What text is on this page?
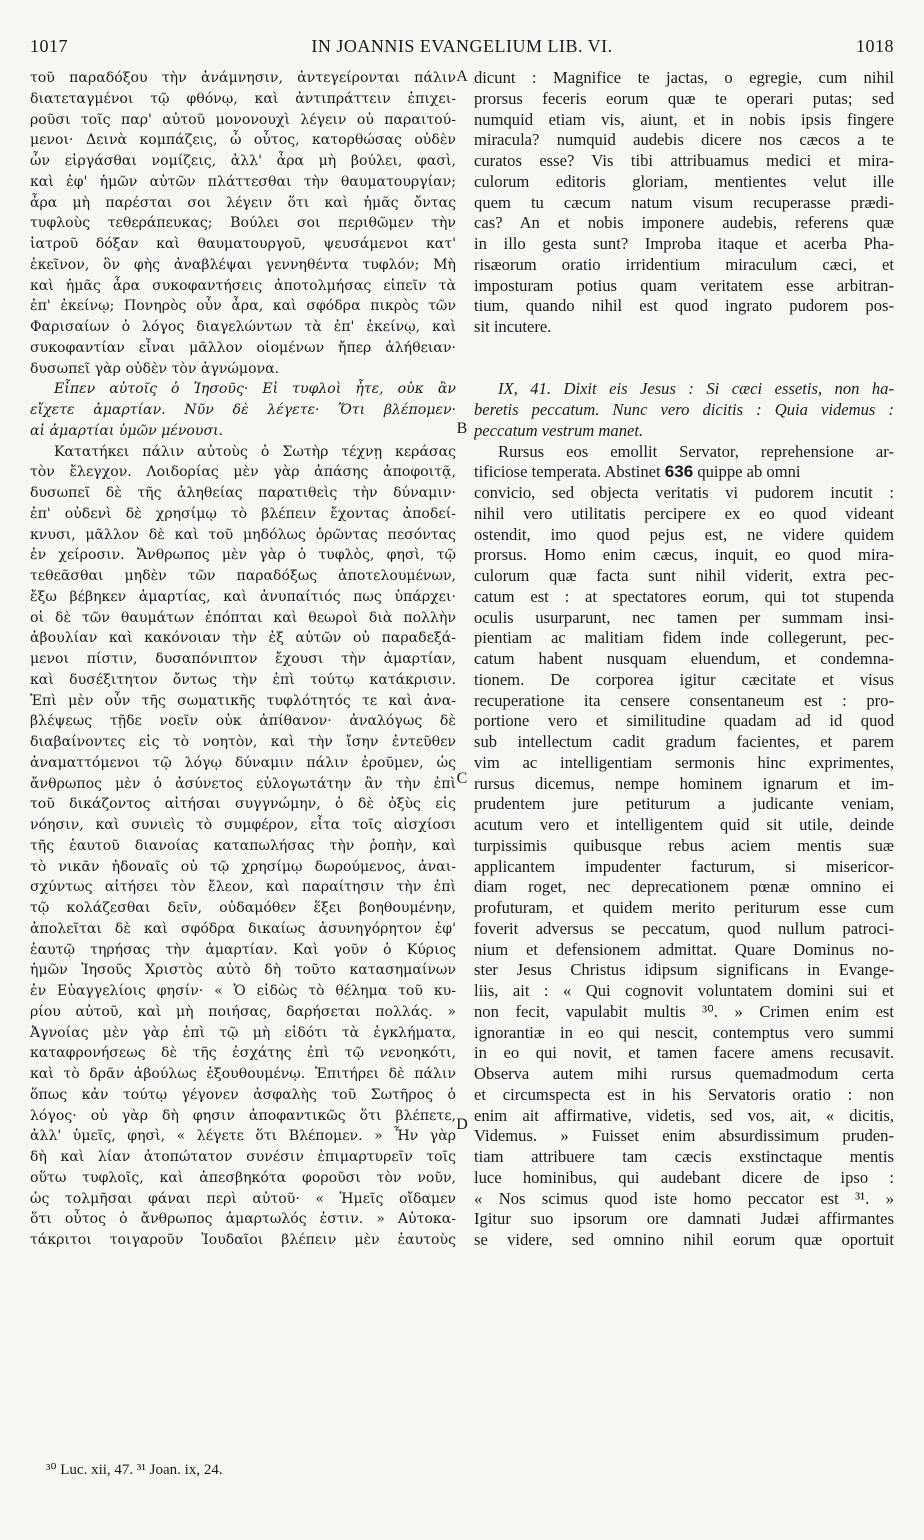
1017	IN JOANNIS EVANGELIUM LIB. VI.	1018
A
B
C
D
τοῦ παραδόξου τὴν ἀνάμνησιν, ἀντεγείρονται πάλιν
διατεταγμένοι τῷ φθόνῳ, καὶ ἀντιπράττειν ἐπιχει-
ροῦσι τοῖς παρ' αὐτοῦ μονονουχὶ λέγειν οὐ παραιτού-
μενοι· Δεινὰ κομπάζεις, ὦ οὗτος, κατορθώσας οὐδὲν
ὧν εἰργάσθαι νομίζεις, ἀλλ' ἆρα μὴ βούλει, φασὶ,
καὶ ἐφ' ἡμῶν αὐτῶν πλάττεσθαι τὴν θαυματουργίαν;
ἆρα μὴ παρέσται σοι λέγειν ὅτι καὶ ἡμᾶς ὄντας
τυφλοὺς τεθεράπευκας; Βούλει σοι περιθῶμεν τὴν
ἰατροῦ δόξαν καὶ θαυματουργοῦ, ψευσάμενοι κατ'
ἐκεῖνον, ὃν φὴς ἀναβλέψαι γεννηθέντα τυφλόν; Μὴ
καὶ ἡμᾶς ἆρα συκοφαντήσεις ἀποτολμήσας εἰπεῖν τὰ
ἐπ' ἐκείνῳ; Πονηρὸς οὖν ἆρα, καὶ σφόδρα πικρὸς τῶν
Φαρισαίων ὁ λόγος διαγελώντων τὰ ἐπ' ἐκείνῳ, καὶ
συκοφαντίαν εἶναι μᾶλλον οἰομένων ἤπερ ἀλήθειαν·
δυσωπεῖ γὰρ οὐδὲν τὸν ἀγνώμονα.
Εἶπεν αὐτοῖς ὁ Ἰησοῦς· Εἰ τυφλοὶ ἦτε, οὐκ ἂν
εἴχετε ἁμαρτίαν. Νῦν δὲ λέγετε· Ὅτι βλέπομεν·
αἱ ἁμαρτίαι ὑμῶν μένουσι.
Κατατήκει πάλιν αὐτοὺς ὁ Σωτὴρ τέχνῃ κεράσας
τὸν ἔλεγχον. Λοιδορίας μὲν γὰρ ἁπάσης ἀποφοιτᾷ,
δυσωπεῖ δὲ τῆς ἀληθείας παρατιθεὶς τὴν δύναμιν·
ἐπ' οὐδενὶ δὲ χρησίμῳ τὸ βλέπειν ἔχοντας ἀποδεί-
κνυσι, μᾶλλον δὲ καὶ τοῦ μηδόλως ὁρῶντας πεσόντας
ἐν χείροσιν. Ἄνθρωπος μὲν γὰρ ὁ τυφλὸς, φησὶ, τῷ
τεθεᾶσθαι μηδὲν τῶν παραδόξως ἀποτελουμένων,
ἔξω βέβηκεν ἁμαρτίας, καὶ ἀνυπαίτιός πως ὑπάρχει·
οἱ δὲ τῶν θαυμάτων ἐπόπται καὶ θεωροὶ διὰ πολλὴν
ἀβουλίαν καὶ κακόνοιαν τὴν ἐξ αὐτῶν οὐ παραδεξά-
μενοι πίστιν, δυσαπόνιπτον ἔχουσι τὴν ἁμαρτίαν,
καὶ δυσέξιτητον ὄντως τὴν ἐπὶ τούτῳ κατάκρισιν.
Ἐπὶ μὲν οὖν τῆς σωματικῆς τυφλότητός τε καὶ ἀνα-
βλέψεως τῇδε νοεῖν οὐκ ἀπίθανον· ἀναλόγως δὲ
διαβαίνοντες εἰς τὸ νοητὸν, καὶ τὴν ἴσην ἐντεῦθεν
ἀναματτόμενοι τῷ λόγῳ δύναμιν πάλιν ἐροῦμεν, ὡς
ἄνθρωπος μὲν ὁ ἀσύνετος εὐλογωτάτην ἂν τὴν ἐπὶ
τοῦ δικάζοντος αἰτήσαι συγγνώμην, ὁ δὲ ὀξὺς εἰς
νόησιν, καὶ συνιεὶς τὸ συμφέρον, εἶτα τοῖς αἰσχίοσι
τῆς ἑαυτοῦ διανοίας καταπωλήσας τὴν ῥοπὴν, καὶ
τὸ νικᾶν ἡδοναῖς οὐ τῷ χρησίμῳ δωρούμενος, ἀναι-
σχύντως αἰτήσει τὸν ἔλεον, καὶ παραίτησιν τὴν ἐπὶ
τῷ κολάζεσθαι δεῖν, οὐδαμόθεν ἕξει βοηθουμένην,
ἀπολεῖται δὲ καὶ σφόδρα δικαίως ἀσυνηγόρητον ἐφ'
ἑαυτῷ τηρήσας τὴν ἁμαρτίαν. Καὶ γοῦν ὁ Κύριος
ἡμῶν Ἰησοῦς Χριστὸς αὐτὸ δὴ τοῦτο κατασημαίνων
ἐν Εὐαγγελίοις φησίν· « Ὁ εἰδὼς τὸ θέλημα τοῦ κυ-
ρίου αὐτοῦ, καὶ μὴ ποιήσας, δαρήσεται πολλάς. »
Ἀγνοίας μὲν γὰρ ἐπὶ τῷ μὴ εἰδότι τὰ ἐγκλήματα,
καταφρονήσεως δὲ τῆς ἐσχάτης ἐπὶ τῷ νενοηκότι,
καὶ τὸ δρᾶν ἀβούλως ἐξουθουμένῳ. Ἐπιτήρει δὲ πάλιν
ὅπως κἀν τούτῳ γέγονεν ἀσφαλὴς τοῦ Σωτῆρος ὁ
λόγος· οὐ γὰρ δὴ φησιν ἀποφαντικῶς ὅτι βλέπετε,
ἀλλ' ὑμεῖς, φησὶ, « λέγετε ὅτι Βλέπομεν. » Ἦν γὰρ
δὴ καὶ λίαν ἀτοπώτατον συνέσιν ἐπιμαρτυρεῖν τοῖς
οὕτω τυφλοῖς, καὶ ἀπεσβηκότα φοροῦσι τὸν νοῦν,
ὡς τολμῆσαι φάναι περὶ αὐτοῦ· « Ἡμεῖς οἴδαμεν
ὅτι οὗτος ὁ ἄνθρωπος ἁμαρτωλός ἐστιν. » Αὐτοκα-
τάκριτοι τοιγαροῦν Ἰουδαῖοι βλέπειν μὲν ἑαυτοὺς
dicunt : Magnifice te jactas, o egregie, cum nihil
prorsus feceris eorum quæ te operari putas; sed
numquid etiam vis, aiunt, et in nobis ipsis fingere
miracula? numquid audebis dicere nos cæcos a te
curatos esse? Vis tibi attribuamus medici et mira-
culorum editoris gloriam, mentientes velut ille
quem tu cæcum natum visum recuperasse prædi-
cas? An et nobis imponere audebis, referens quæ
in illo gesta sunt? Improba itaque et acerba Pha-
risæorum oratio irridentium miraculum cæci, et
imposturam potius quam veritatem esse arbitran-
tium, quando nihil est quod ingrato pudorem pos-
sit incutere.
IX, 41. Dixit eis Jesus : Si cæci essetis, non ha-
beretis peccatum. Nunc vero dicitis : Quia videmus :
peccatum vestrum manet.
Rursus eos emollit Servator, reprehensione ar-
tificiose temperata. Abstinet 636 quippe ab omni
convicio, sed objecta veritatis vi pudorem incutit :
nihil vero utilitatis percipere ex eo quod videant
ostendit, imo quod pejus est, ne videre quidem
prorsus. Homo enim cæcus, inquit, eo quod mira-
culorum quæ facta sunt nihil viderit, extra pec-
catum est : at spectatores eorum, qui tot stupenda
oculis usurparunt, nec tamen per summam insi-
pientiam ac malitiam fidem inde collegerunt, pec-
catum habent nusquam eluendum, et condemna-
tionem. De corporea igitur cæcitate et visus
recuperatione ita censere consentaneum est : pro-
portione vero et similitudine quadam ad id quod
sub intellectum cadit gradum facientes, et parem
vim ac intelligentiam sermonis hinc exprimentes,
rursus dicemus, nempe hominem ignarum et im-
prudentem jure petiturum a judicante veniam,
acutum vero et intelligentem quid sit utile, deinde
turpissimis quibusque rebus aciem mentis suæ
applicantem impudenter facturum, si misericor-
diam roget, nec deprecationem pœnæ omnino ei
profuturam, et quidem merito periturum esse cum
foverit adversus se peccatum, quod nullum patroci-
nium et defensionem admittat. Quare Dominus no-
ster Jesus Christus idipsum significans in Evange-
liis, ait : « Qui cognovit voluntatem domini sui et
non fecit, vapulabit multis ³⁰. » Crimen enim est
ignorantiæ in eo qui nescit, contemptus vero summi
in eo qui novit, et tamen facere amens recusavit.
Observa autem mihi rursus quemadmodum certa
et circumspecta est in his Servatoris oratio : non
enim ait affirmative, videtis, sed vos, ait, « dicitis,
Videmus. » Fuisset enim absurdissimum pruden-
tiam attribuere tam cæcis exstinctaque mentis
luce hominibus, qui audebant dicere de ipso :
« Nos scimus quod iste homo peccator est ³¹. »
Igitur suo ipsorum ore damnati Judæi affirmantes
se videre, sed omnino nihil eorum quæ oportuit
³⁰ Luc. xii, 47. ³¹ Joan. ix, 24.
